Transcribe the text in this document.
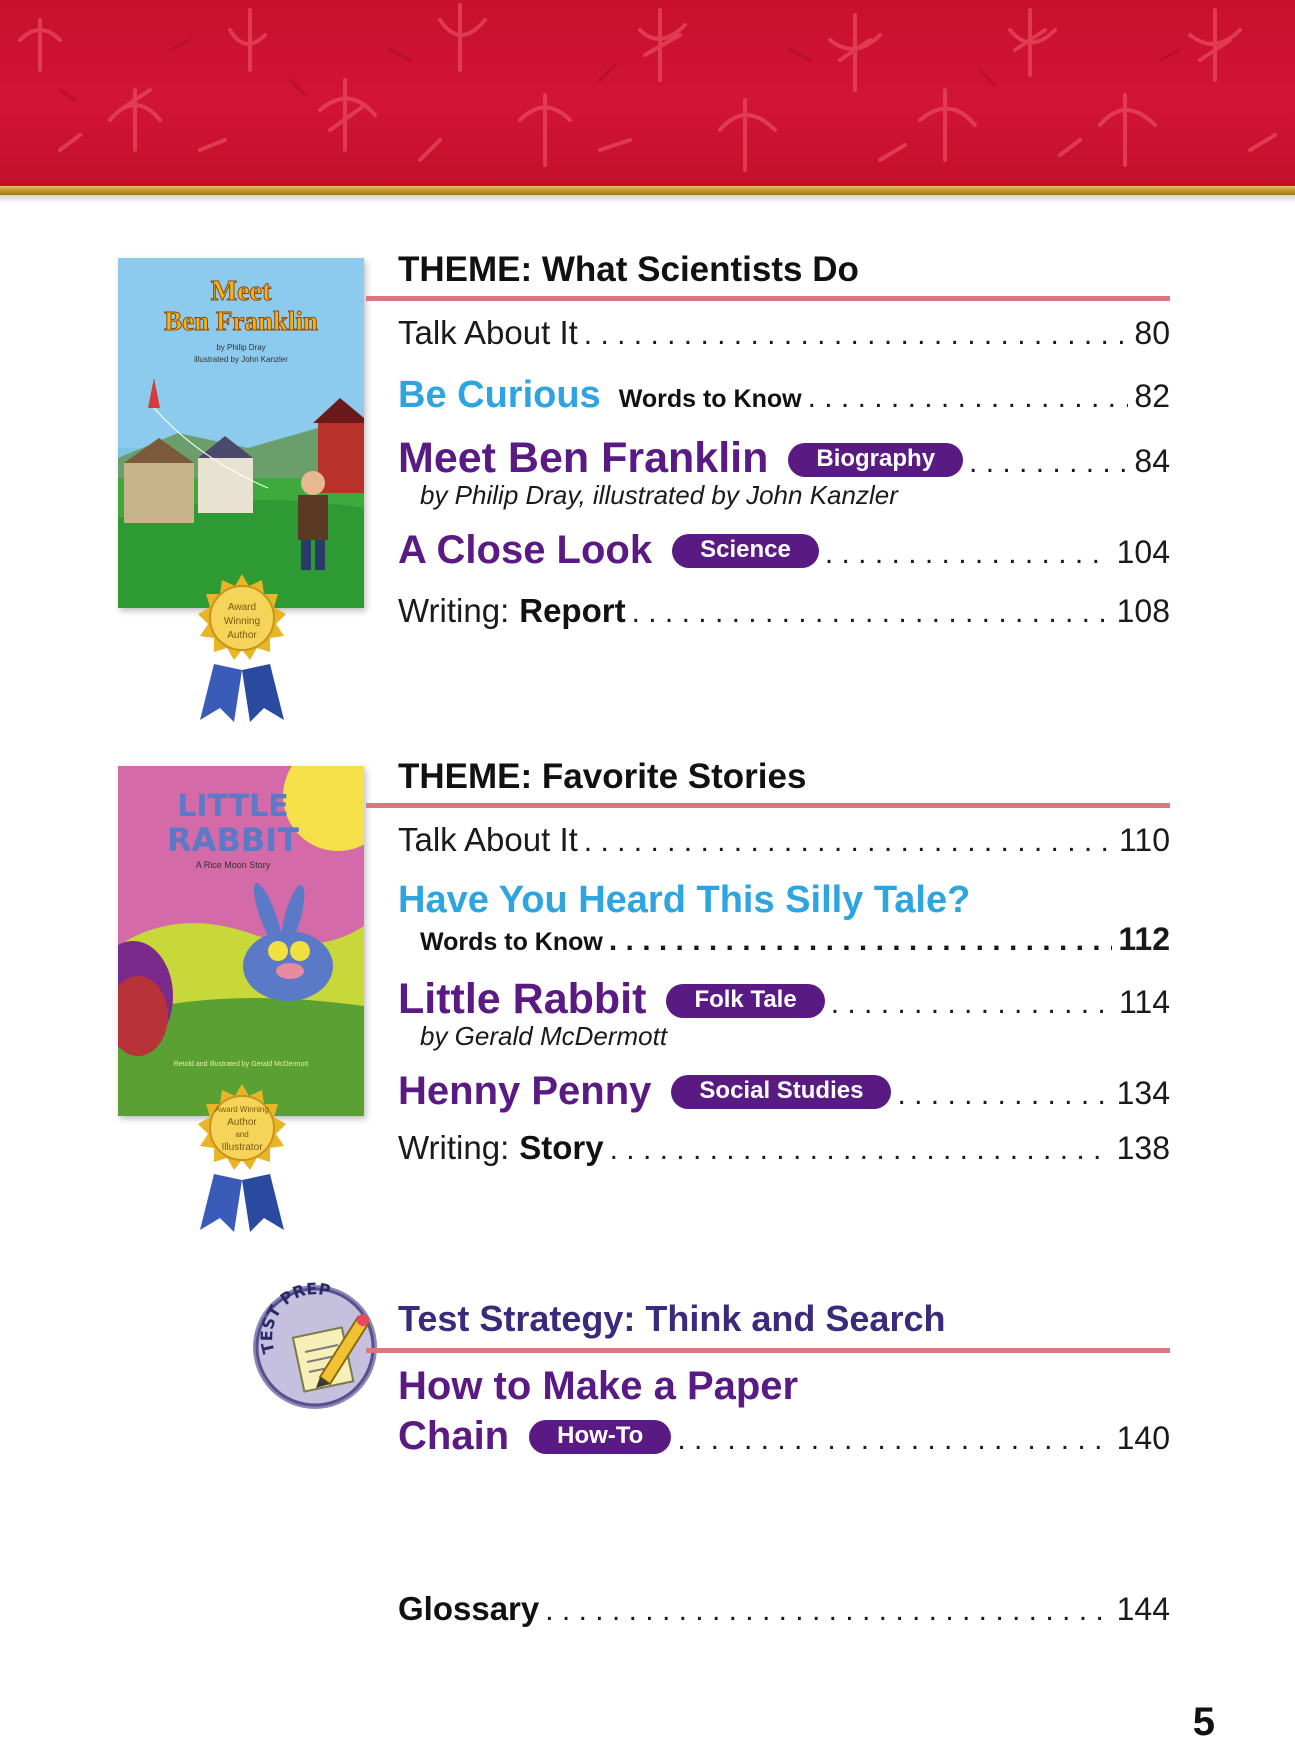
Meet
Ben Franklin
by Philip Dray
illustrated by John Kanzler
Award
Winning
Author
THEME: What Scientists Do
Talk About It . . .	80
Be Curious Words to Know . . .	82
Meet Ben Franklin	Biography . . .	84
by Philip Dray, illustrated by John Kanzler
A Close Look	Science . . .	104
Writing: Report . . .	108
LITTLE
RABBIT
A Rice Moon Story
Retold and Illustrated by Gerald McDermott
Award Winning
Author
and
Illustrator
THEME: Favorite Stories
Talk About It . . .	110
Have You Heard This Silly Tale?
Words to Know . . .	112
Little Rabbit	Folk Tale . . .	114
by Gerald McDermott
Henny Penny	Social Studies . . .	134
Writing: Story . . .	138
TEST PREP
Test Strategy: Think and Search
How to Make a Paper
Chain	How-To . . .	140
Glossary . . .	144
5
